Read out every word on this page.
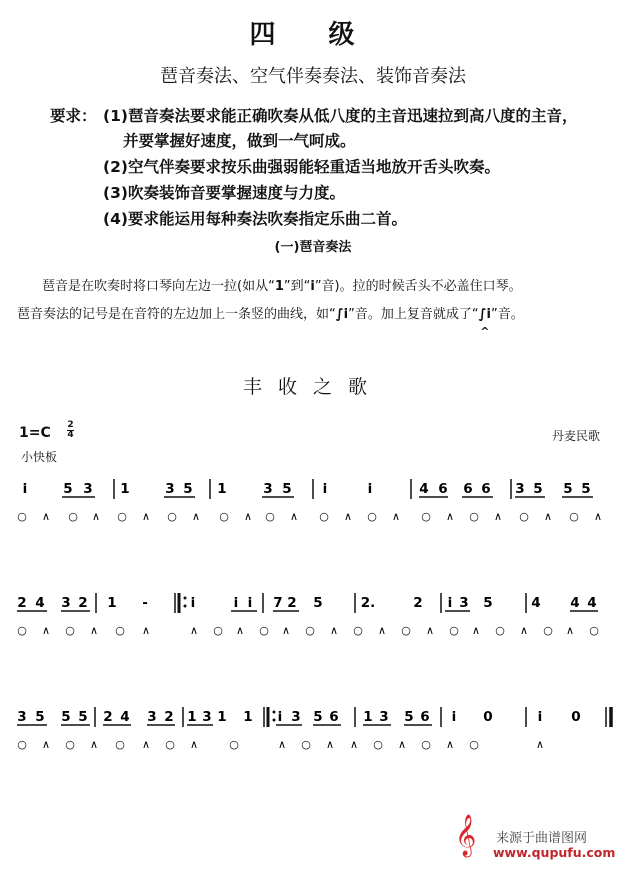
四 级
琶音奏法、空气伴奏奏法、装饰音奏法
要求： (1)琶音奏法要求能正确吹奏从低八度的主音迅速拉到高八度的主音，
并要掌握好速度，做到一气呵成。
(2)空气伴奏要求按乐曲强弱能轻重适当地放开舌头吹奏。
(3)吹奏装饰音要掌握速度与力度。
(4)要求能运用每种奏法吹奏指定乐曲二首。
(一)琶音奏法
琶音是在吹奏时将口琴向左边一拉(如从“1”到“i”音)。拉的时候舌头不必盖住口琴。
琶音奏法的记号是在音符的左边加上一条竖的曲线，如“∫i”音。加上复音就成了“∫i
^
”音。
丰收之歌
1=C 2
4
小快板
丹麦民歌
i	5 3 1	3 5 1	3 5 i	i	4 6 6 6 3 5 5 5
○ ∧ ○ ∧ ○ ∧ ○ ∧ ○ ∧ ○ ∧ ○ ∧ ○ ∧ ○ ∧ ○ ∧ ○ ∧ ○ ∧
2 4 3 2 1 -	i	i i 7 2 5	2.	2 i 3 5	4 4 4
○ ∧ ○ ∧ ○ ∧	∧ ○ ∧ ○ ∧ ○ ∧ ○ ∧ ○ ∧ ○ ∧ ○ ∧ ○ ∧ ○
3 5 5 5 2 4 3 2 1 3 1 1 i 3 5 6 1 3 5 6 i 0	i 0
○ ∧ ○ ∧ ○ ∧ ○ ∧	○	∧ ○ ∧ ∧ ○ ∧ ○ ∧ ○	∧
𝄞 来源于曲谱图网
www.qupufu.com
